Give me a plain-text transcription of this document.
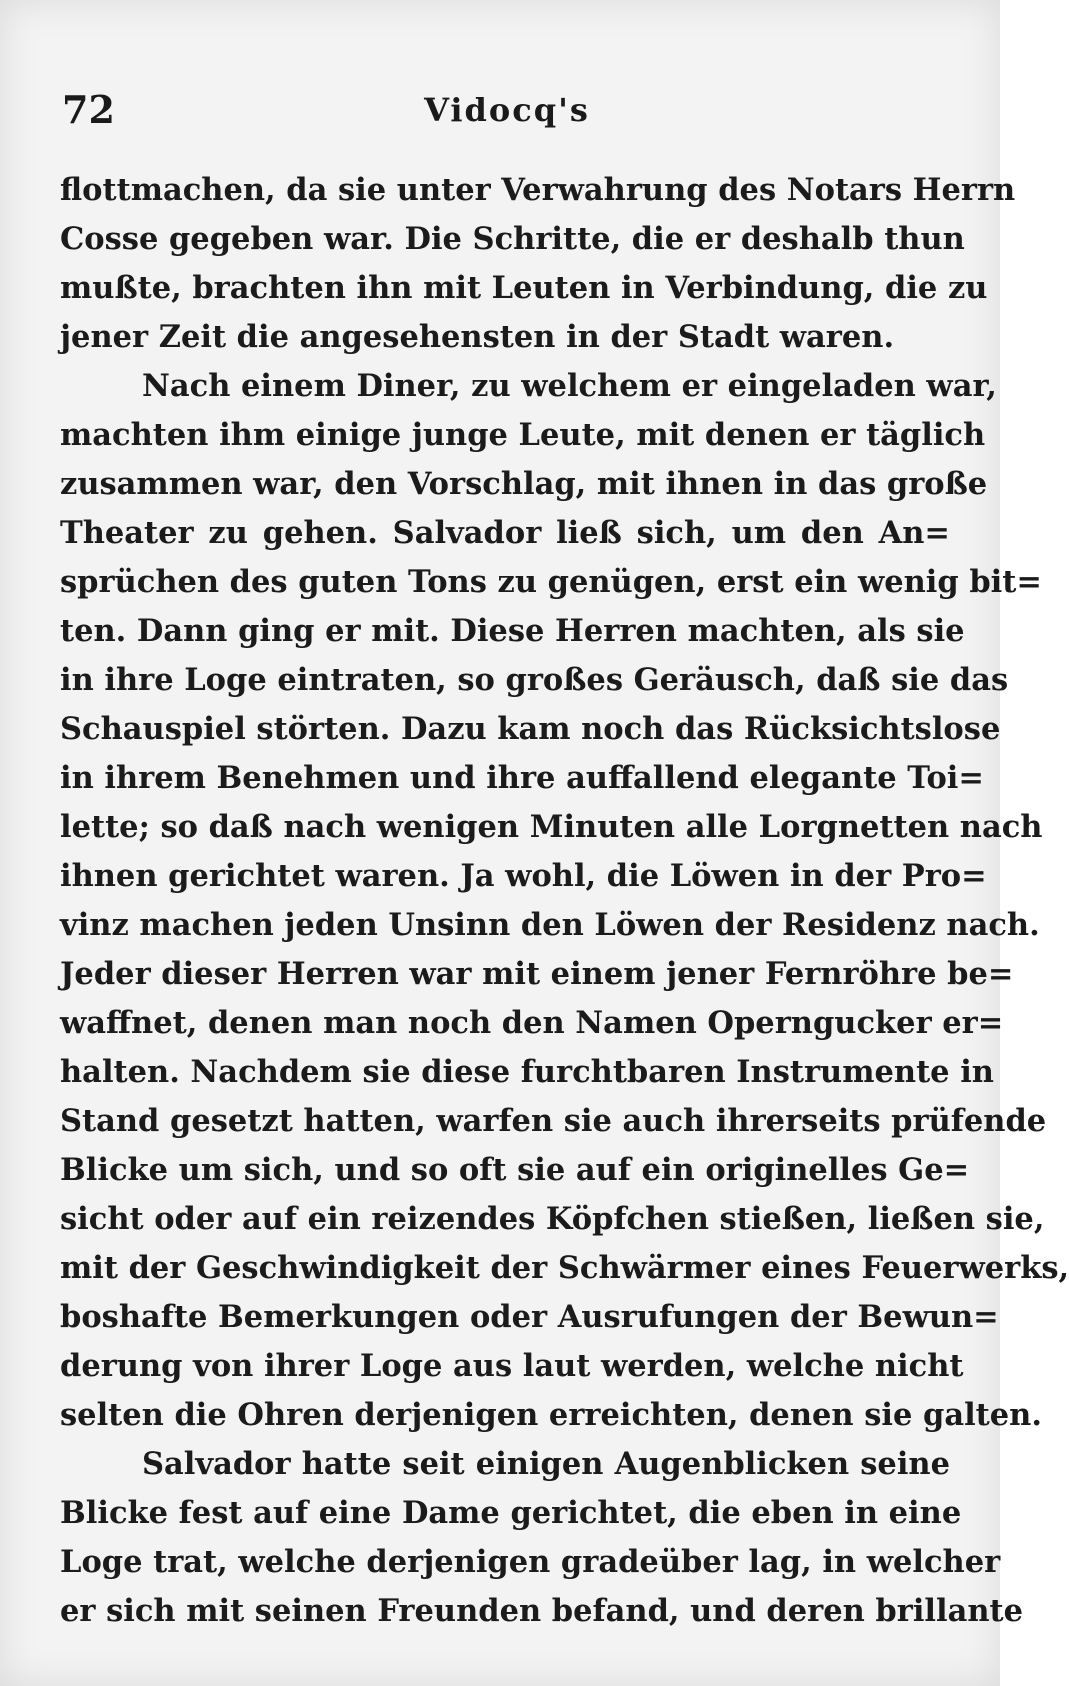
72	Vidocq's
flottmachen, da sie unter Verwahrung des Notars Herrn
Cosse gegeben war. Die Schritte, die er deshalb thun
mußte, brachten ihn mit Leuten in Verbindung, die zu
jener Zeit die angesehensten in der Stadt waren.
Nach einem Diner, zu welchem er eingeladen war,
machten ihm einige junge Leute, mit denen er täglich
zusammen war, den Vorschlag, mit ihnen in das große
Theater zu gehen. Salvador ließ sich, um den An=
sprüchen des guten Tons zu genügen, erst ein wenig bit=
ten. Dann ging er mit. Diese Herren machten, als sie
in ihre Loge eintraten, so großes Geräusch, daß sie das
Schauspiel störten. Dazu kam noch das Rücksichtslose
in ihrem Benehmen und ihre auffallend elegante Toi=
lette; so daß nach wenigen Minuten alle Lorgnetten nach
ihnen gerichtet waren. Ja wohl, die Löwen in der Pro=
vinz machen jeden Unsinn den Löwen der Residenz nach.
Jeder dieser Herren war mit einem jener Fernröhre be=
waffnet, denen man noch den Namen Operngucker er=
halten. Nachdem sie diese furchtbaren Instrumente in
Stand gesetzt hatten, warfen sie auch ihrerseits prüfende
Blicke um sich, und so oft sie auf ein originelles Ge=
sicht oder auf ein reizendes Köpfchen stießen, ließen sie,
mit der Geschwindigkeit der Schwärmer eines Feuerwerks,
boshafte Bemerkungen oder Ausrufungen der Bewun=
derung von ihrer Loge aus laut werden, welche nicht
selten die Ohren derjenigen erreichten, denen sie galten.
Salvador hatte seit einigen Augenblicken seine
Blicke fest auf eine Dame gerichtet, die eben in eine
Loge trat, welche derjenigen gradeüber lag, in welcher
er sich mit seinen Freunden befand, und deren brillante
